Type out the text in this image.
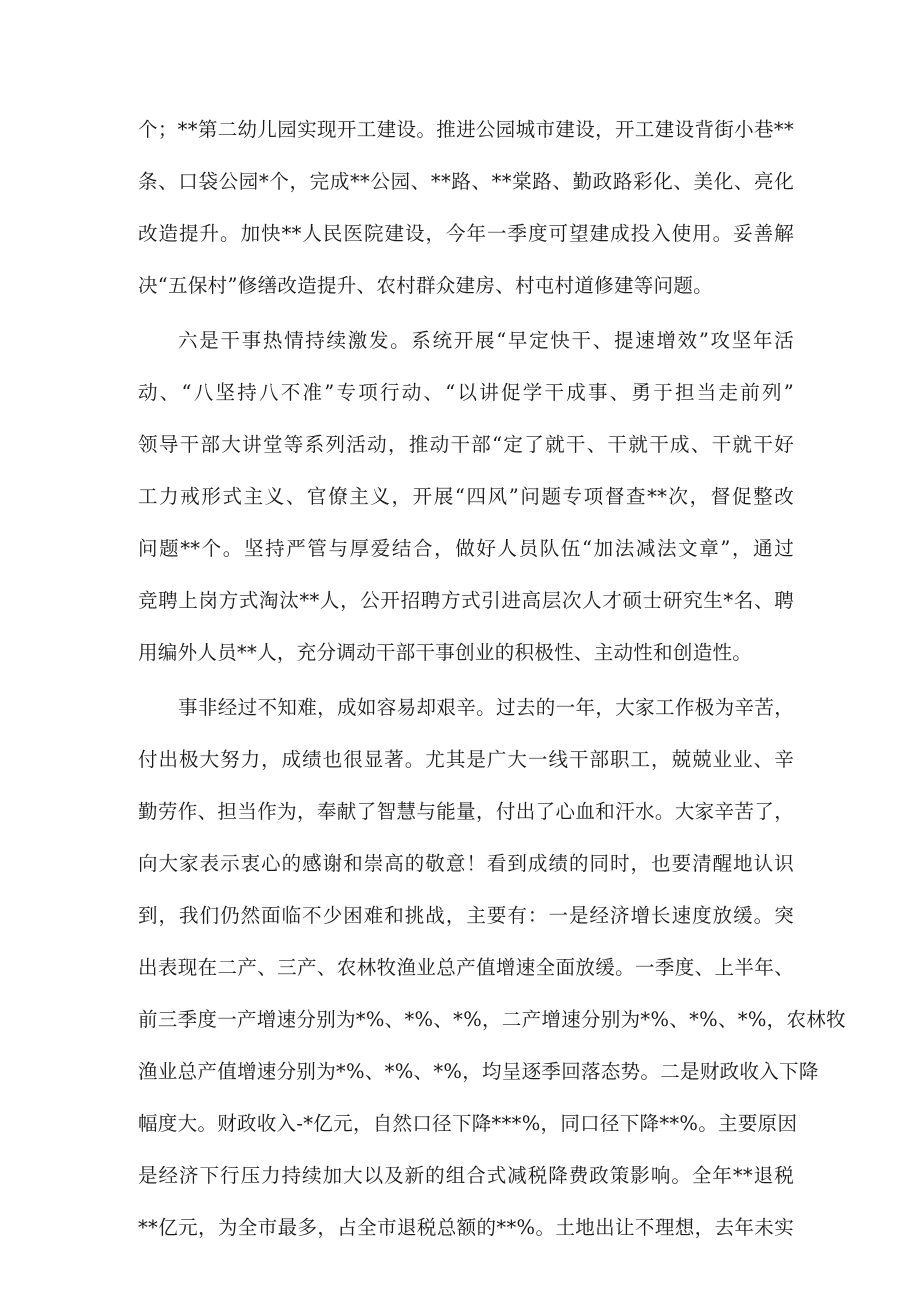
个；**第二幼儿园实现开工建设。推进公园城市建设，开工建设背街小巷**
条、口袋公园*个，完成**公园、**路、**棠路、勤政路彩化、美化、亮化
改造提升。加快**人民医院建设，今年一季度可望建成投入使用。妥善解
决“五保村”修缮改造提升、农村群众建房、村屯村道修建等问题。
六是干事热情持续激发。系统开展“早定快干、提速增效”攻坚年活
动、“八坚持八不准”专项行动、“以讲促学干成事、勇于担当走前列”
领导干部大讲堂等系列活动，推动干部“定了就干、干就干成、干就干好
工力戒形式主义、官僚主义，开展“四风”问题专项督查**次，督促整改
问题**个。坚持严管与厚爱结合，做好人员队伍“加法减法文章”，通过
竞聘上岗方式淘汰**人，公开招聘方式引进高层次人才硕士研究生*名、聘
用编外人员**人，充分调动干部干事创业的积极性、主动性和创造性。
事非经过不知难，成如容易却艰辛。过去的一年，大家工作极为辛苦，
付出极大努力，成绩也很显著。尤其是广大一线干部职工，兢兢业业、辛
勤劳作、担当作为，奉献了智慧与能量，付出了心血和汗水。大家辛苦了，
向大家表示衷心的感谢和崇高的敬意！看到成绩的同时，也要清醒地认识
到，我们仍然面临不少困难和挑战，主要有：一是经济增长速度放缓。突
出表现在二产、三产、农林牧渔业总产值增速全面放缓。一季度、上半年、
前三季度一产增速分别为*%、*%、*%，二产增速分别为*%、*%、*%，农林牧
渔业总产值增速分别为*%、*%、*%，均呈逐季回落态势。二是财政收入下降
幅度大。财政收入-*亿元，自然口径下降***%，同口径下降**%。主要原因
是经济下行压力持续加大以及新的组合式减税降费政策影响。全年**退税
**亿元，为全市最多，占全市退税总额的**%。土地出让不理想，去年未实
